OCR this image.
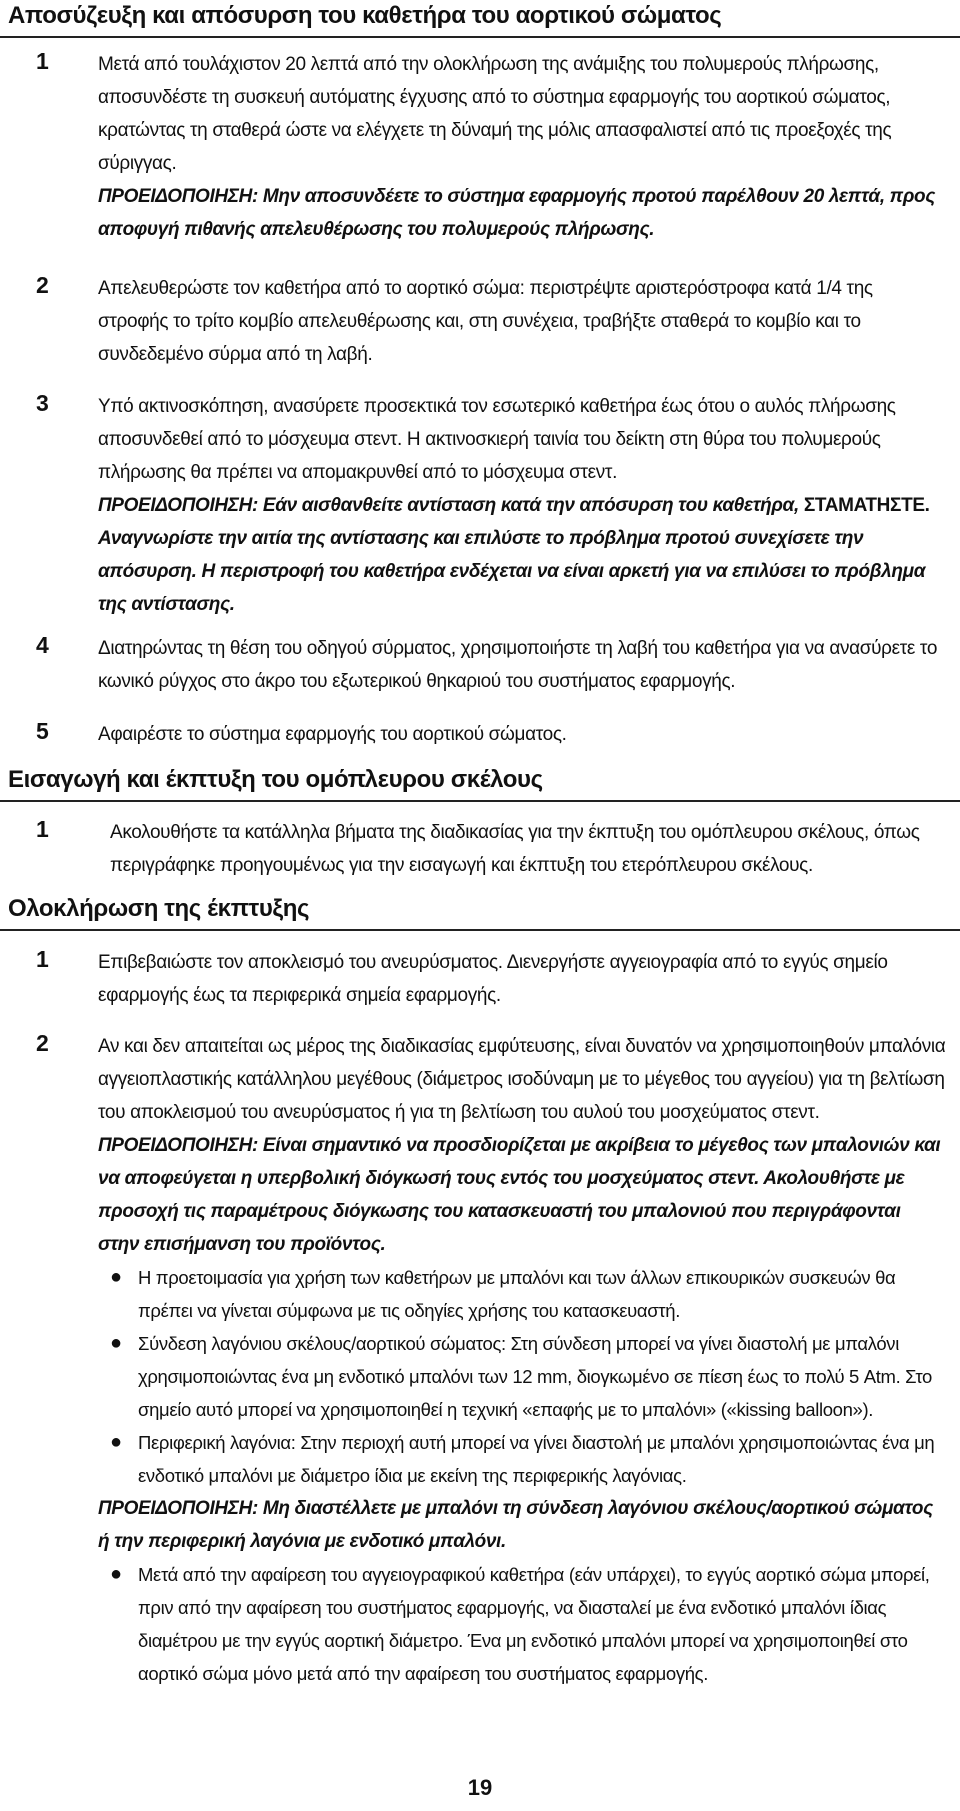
Αποσύζευξη και απόσυρση του καθετήρα του αορτικού σώματος
1	Μετά από τουλάχιστον 20 λεπτά από την ολοκλήρωση της ανάμιξης του πολυμερούς πλήρωσης, αποσυνδέστε τη συσκευή αυτόματης έγχυσης από το σύστημα εφαρμογής του αορτικού σώματος, κρατώντας τη σταθερά ώστε να ελέγχετε τη δύναμή της μόλις απασφαλιστεί από τις προεξοχές της σύριγγας.

ΠΡΟΕΙΔΟΠΟΙΗΣΗ: Μην αποσυνδέετε το σύστημα εφαρμογής προτού παρέλθουν 20 λεπτά, προς αποφυγή πιθανής απελευθέρωσης του πολυμερούς πλήρωσης.

2	Απελευθερώστε τον καθετήρα από το αορτικό σώμα: περιστρέψτε αριστερόστροφα κατά 1/4 της στροφής το τρίτο κομβίο απελευθέρωσης και, στη συνέχεια, τραβήξτε σταθερά το κομβίο και το συνδεδεμένο σύρμα από τη λαβή.

3	Υπό ακτινοσκόπηση, ανασύρετε προσεκτικά τον εσωτερικό καθετήρα έως ότου ο αυλός πλήρωσης αποσυνδεθεί από το μόσχευμα στεντ. Η ακτινοσκιερή ταινία του δείκτη στη θύρα του πολυμερούς πλήρωσης θα πρέπει να απομακρυνθεί από το μόσχευμα στεντ.

ΠΡΟΕΙΔΟΠΟΙΗΣΗ: Εάν αισθανθείτε αντίσταση κατά την απόσυρση του καθετήρα, ΣΤΑΜΑΤΗΣΤΕ. Αναγνωρίστε την αιτία της αντίστασης και επιλύστε το πρόβλημα προτού συνεχίσετε την απόσυρση. Η περιστροφή του καθετήρα ενδέχεται να είναι αρκετή για να επιλύσει το πρόβλημα της αντίστασης.

4	Διατηρώντας τη θέση του οδηγού σύρματος, χρησιμοποιήστε τη λαβή του καθετήρα για να ανασύρετε το κωνικό ρύγχος στο άκρο του εξωτερικού θηκαριού του συστήματος εφαρμογής.

5	Αφαιρέστε το σύστημα εφαρμογής του αορτικού σώματος.

Εισαγωγή και έκπτυξη του ομόπλευρου σκέλους
1	Ακολουθήστε τα κατάλληλα βήματα της διαδικασίας για την έκπτυξη του ομόπλευρου σκέλους, όπως περιγράφηκε προηγουμένως για την εισαγωγή και έκπτυξη του ετερόπλευρου σκέλους.

Ολοκλήρωση της έκπτυξης
1	Επιβεβαιώστε τον αποκλεισμό του ανευρύσματος. Διενεργήστε αγγειογραφία από το εγγύς σημείο εφαρμογής έως τα περιφερικά σημεία εφαρμογής.

2	Αν και δεν απαιτείται ως μέρος της διαδικασίας εμφύτευσης, είναι δυνατόν να χρησιμοποιηθούν μπαλόνια αγγειοπλαστικής κατάλληλου μεγέθους (διάμετρος ισοδύναμη με το μέγεθος του αγγείου) για τη βελτίωση του αποκλεισμού του ανευρύσματος ή για τη βελτίωση του αυλού του μοσχεύματος στεντ.

ΠΡΟΕΙΔΟΠΟΙΗΣΗ: Είναι σημαντικό να προσδιορίζεται με ακρίβεια το μέγεθος των μπαλονιών και να αποφεύγεται η υπερβολική διόγκωσή τους εντός του μοσχεύματος στεντ. Ακολουθήστε με προσοχή τις παραμέτρους διόγκωσης του κατασκευαστή του μπαλονιού που περιγράφονται στην επισήμανση του προϊόντος.

● Η προετοιμασία για χρήση των καθετήρων με μπαλόνι και των άλλων επικουρικών συσκευών θα πρέπει να γίνεται σύμφωνα με τις οδηγίες χρήσης του κατασκευαστή.
● Σύνδεση λαγόνιου σκέλους/αορτικού σώματος: Στη σύνδεση μπορεί να γίνει διαστολή με μπαλόνι χρησιμοποιώντας ένα μη ενδοτικό μπαλόνι των 12 mm, διογκωμένο σε πίεση έως το πολύ 5 Atm. Στο σημείο αυτό μπορεί να χρησιμοποιηθεί η τεχνική «επαφής με το μπαλόνι» («kissing balloon»).
● Περιφερική λαγόνια: Στην περιοχή αυτή μπορεί να γίνει διαστολή με μπαλόνι χρησιμοποιώντας ένα μη ενδοτικό μπαλόνι με διάμετρο ίδια με εκείνη της περιφερικής λαγόνιας.

ΠΡΟΕΙΔΟΠΟΙΗΣΗ: Μη διαστέλλετε με μπαλόνι τη σύνδεση λαγόνιου σκέλους/αορτικού σώματος ή την περιφερική λαγόνια με ενδοτικό μπαλόνι.

● Μετά από την αφαίρεση του αγγειογραφικού καθετήρα (εάν υπάρχει), το εγγύς αορτικό σώμα μπορεί, πριν από την αφαίρεση του συστήματος εφαρμογής, να διασταλεί με ένα ενδοτικό μπαλόνι ίδιας διαμέτρου με την εγγύς αορτική διάμετρο. Ένα μη ενδοτικό μπαλόνι μπορεί να χρησιμοποιηθεί στο αορτικό σώμα μόνο μετά από την αφαίρεση του συστήματος εφαρμογής.
19
